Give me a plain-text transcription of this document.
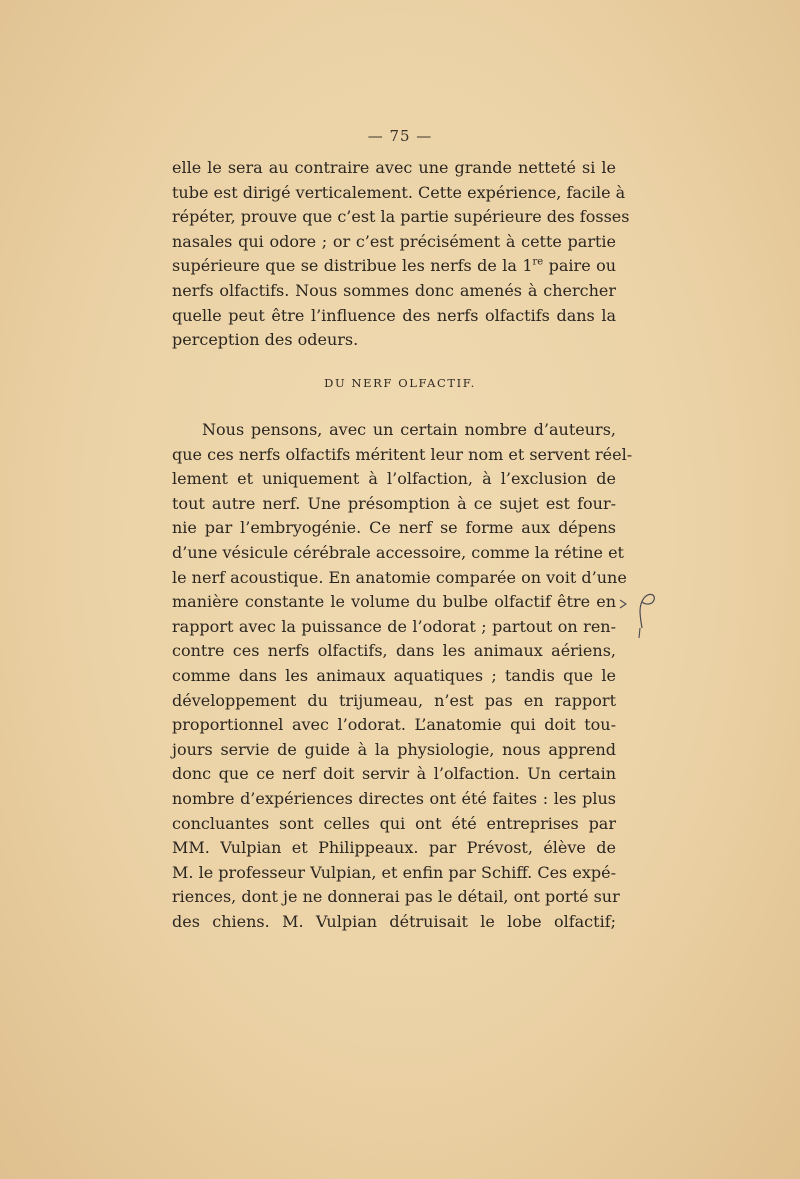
— 75 —
elle le sera au contraire avec une grande netteté si le
tube est dirigé verticalement. Cette expérience, facile à
répéter, prouve que c’est la partie supérieure des fosses
nasales qui odore ; or c’est précisément à cette partie
supérieure que se distribue les nerfs de la 1re paire ou
nerfs olfactifs. Nous sommes donc amenés à chercher
quelle peut être l’influence des nerfs olfactifs dans la
perception des odeurs.
DU NERF OLFACTIF.
Nous pensons, avec un certain nombre d’auteurs,
que ces nerfs olfactifs méritent leur nom et servent réel-
lement et uniquement à l’olfaction, à l’exclusion de
tout autre nerf. Une présomption à ce sujet est four-
nie par l’embryogénie. Ce nerf se forme aux dépens
d’une vésicule cérébrale accessoire, comme la rétine et
le nerf acoustique. En anatomie comparée on voit d’une
manière constante le volume du bulbe olfactif être en
rapport avec la puissance de l’odorat ; partout on ren-
contre ces nerfs olfactifs, dans les animaux aériens,
comme dans les animaux aquatiques ; tandis que le
développement du trijumeau, n’est pas en rapport
proportionnel avec l’odorat. L’anatomie qui doit tou-
jours servie de guide à la physiologie, nous apprend
donc que ce nerf doit servir à l’olfaction. Un certain
nombre d’expériences directes ont été faites : les plus
concluantes sont celles qui ont été entreprises par
MM. Vulpian et Philippeaux. par Prévost, élève de
M. le professeur Vulpian, et enfin par Schiff. Ces expé-
riences, dont je ne donnerai pas le détail, ont porté sur
des chiens. M. Vulpian détruisait le lobe olfactif;
